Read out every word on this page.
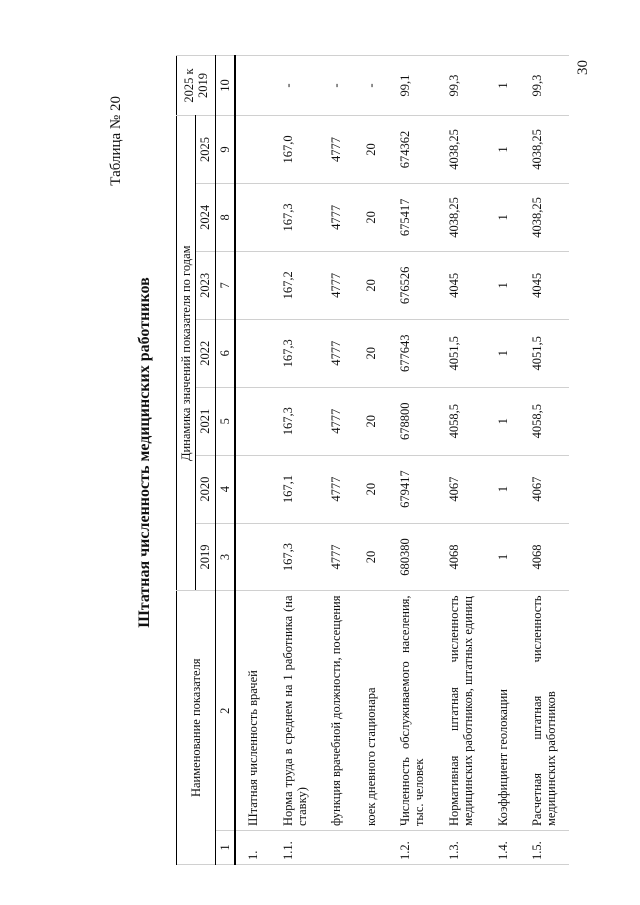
30
Таблица № 20
Штатная численность медицинских работников
Наименование показателя		Динамика значений показателя по годам							2025 к 2019
		2019	2020	2021	2022	2023	2024	2025	
1	2	3	4	5	6	7	8	9	10
1.	Штатная численность врачей								
1.1.	Норма труда в среднем на 1 работника (на ставку)	167,3	167,1	167,3	167,3	167,2	167,3	167,0	-
	функция врачебной должности, посещения	4777	4777	4777	4777	4777	4777	4777	-
	коек дневного стационара	20	20	20	20	20	20	20	-
1.2.	Численность обслуживаемого населения, тыс. человек	680380	679417	678800	677643	676526	675417	674362	99,1
1.3.	Нормативная штатная численность медицинских работников, штатных единиц	4068	4067	4058,5	4051,5	4045	4038,25	4038,25	99,3
1.4.	Коэффициент геолокации	1	1	1	1	1	1	1	1
1.5.	Расчетная штатная численность медицинских работников	4068	4067	4058,5	4051,5	4045	4038,25	4038,25	99,3
